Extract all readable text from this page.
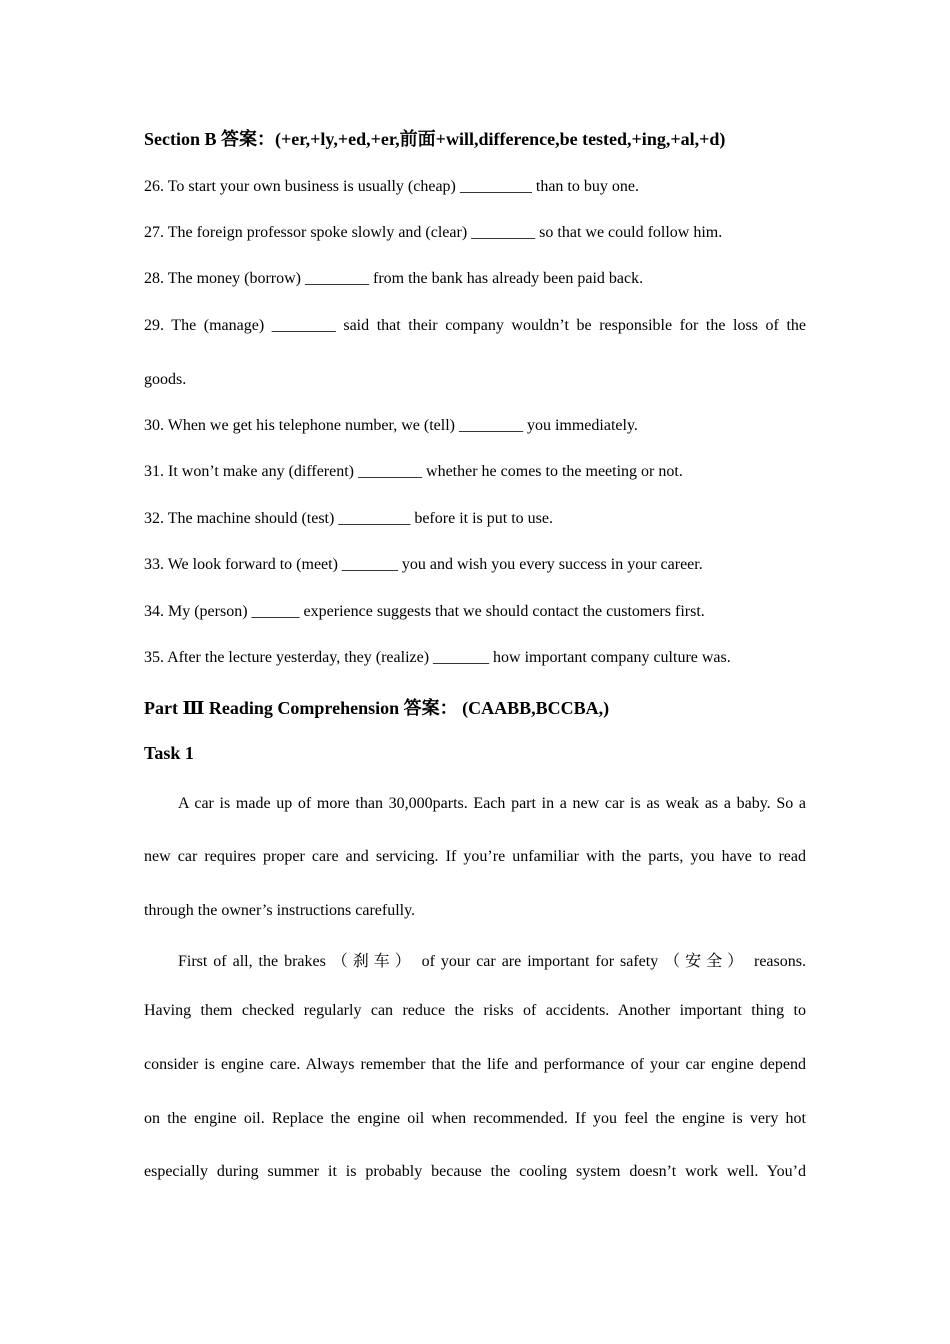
Section B 答案：(+er,+ly,+ed,+er,前面+will,difference,be tested,+ing,+al,+d)
26. To start your own business is usually (cheap) _________ than to buy one.
27. The foreign professor spoke slowly and (clear) ________ so that we could follow him.
28. The money (borrow) ________ from the bank has already been paid back.
29. The (manage) ________ said that their company wouldn’t be responsible for the loss of the
goods.
30. When we get his telephone number, we (tell) ________ you immediately.
31. It won’t make any (different) ________ whether he comes to the meeting or not.
32. The machine should (test) _________ before it is put to use.
33. We look forward to (meet) _______ you and wish you every success in your career.
34. My (person) ______ experience suggests that we should contact the customers first.
35. After the lecture yesterday, they (realize) _______ how important company culture was.
Part Ⅲ Reading Comprehension 答案： (CAABB,BCCBA,)
Task 1
A car is made up of more than 30,000parts. Each part in a new car is as weak as a baby. So a
new car requires proper care and servicing. If you’re unfamiliar with the parts, you have to read
through the owner’s instructions carefully.
First of all, the brakes （刹车） of your car are important for safety （安全） reasons.
Having them checked regularly can reduce the risks of accidents. Another important thing to
consider is engine care. Always remember that the life and performance of your car engine depend
on the engine oil. Replace the engine oil when recommended. If you feel the engine is very hot
especially during summer it is probably because the cooling system doesn’t work well. You’d
